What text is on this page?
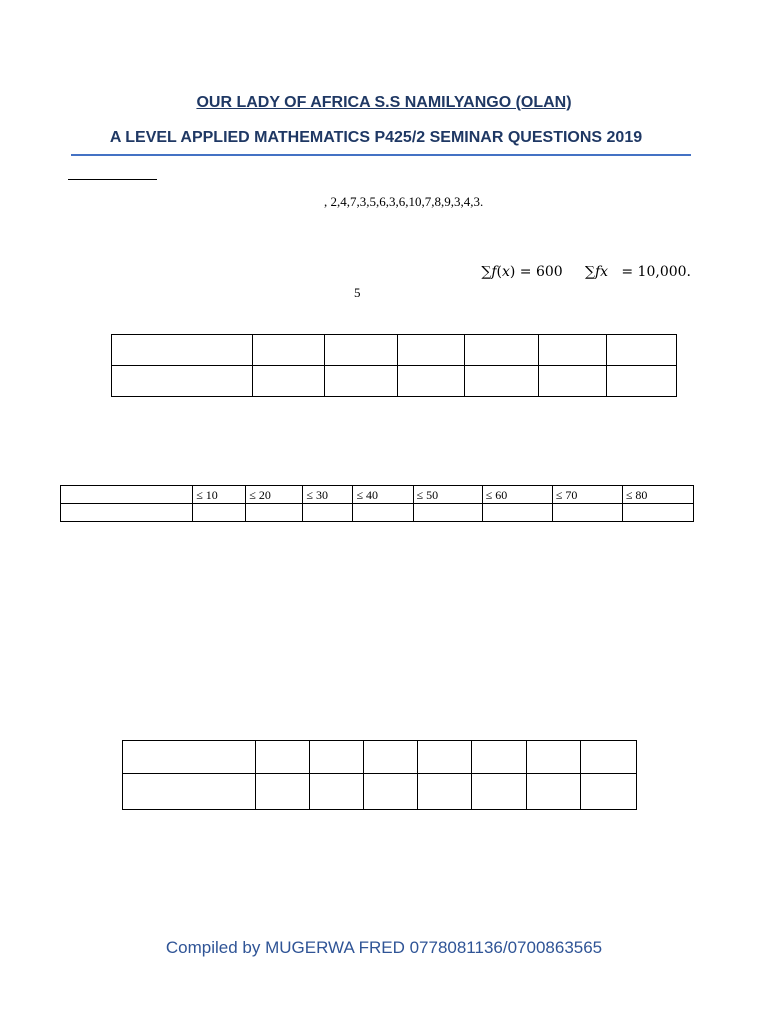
OUR LADY OF AFRICA S.S NAMILYANGO (OLAN)
A LEVEL APPLIED MATHEMATICS P425/2 SEMINAR QUESTIONS 2019
, 2,4,7,3,5,6,3,6,10,7,8,9,3,4,3.
∑𝑓(𝑥) = 600 ∑𝑓𝑥   = 10,000.
5

	≤ 10	≤ 20	≤ 30	≤ 40	≤ 50	≤ 60	≤ 70	≤ 80

Compiled by MUGERWA FRED 0778081136/0700863565
